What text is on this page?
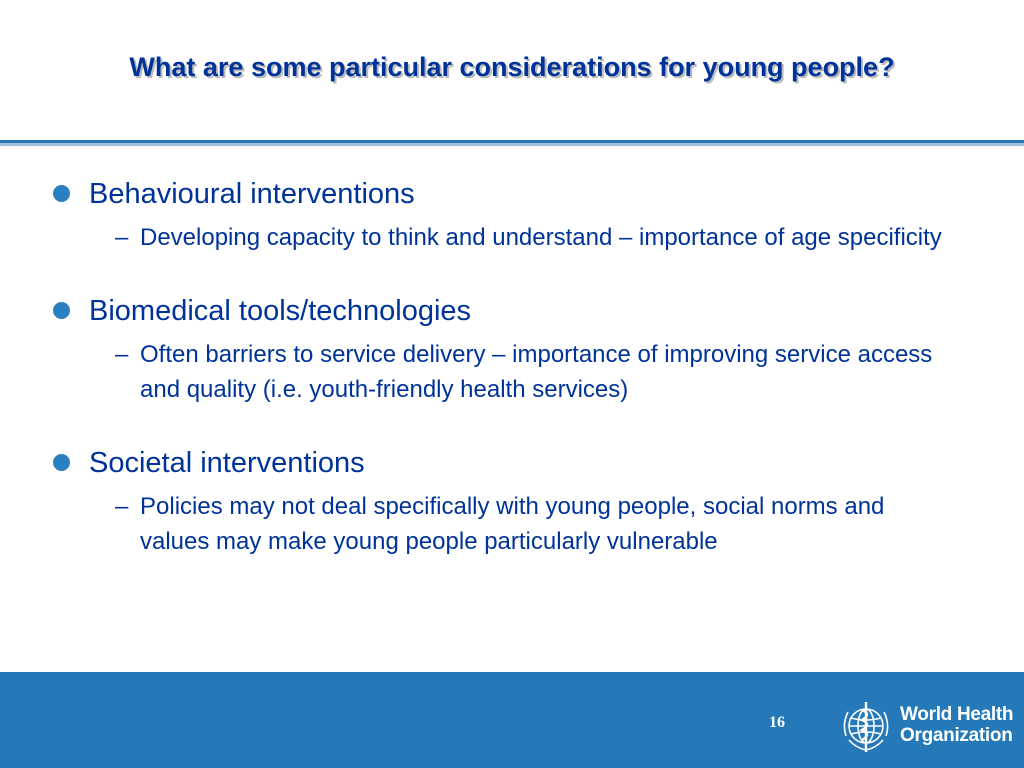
What are some particular considerations for young people?
Behavioural interventions
– Developing capacity to think and understand – importance of age specificity
Biomedical tools/technologies
– Often barriers to service delivery – importance of improving service access and quality (i.e. youth-friendly health services)
Societal interventions
– Policies may not deal specifically with young people, social norms and values may make young people particularly vulnerable
16	World Health
Organization
